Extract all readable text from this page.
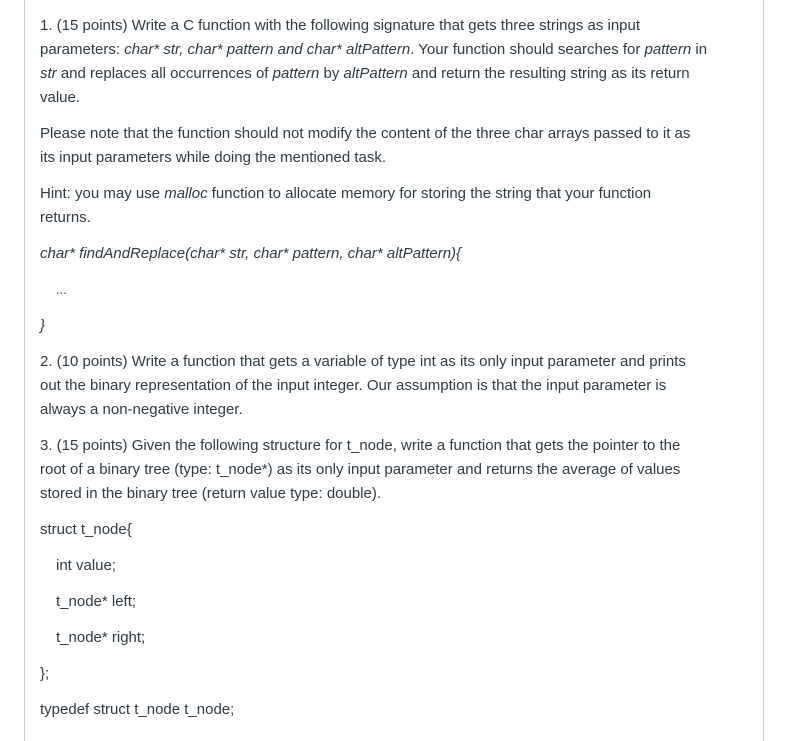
1. (15 points) Write a C function with the following signature that gets three strings as input
parameters: char* str, char* pattern and char* altPattern. Your function should searches for pattern in
str and replaces all occurrences of pattern by altPattern and return the resulting string as its return
value.
Please note that the function should not modify the content of the three char arrays passed to it as
its input parameters while doing the mentioned task.
Hint: you may use malloc function to allocate memory for storing the string that your function
returns.
char* findAndReplace(char* str, char* pattern, char* altPattern){
...
}
2. (10 points) Write a function that gets a variable of type int as its only input parameter and prints
out the binary representation of the input integer. Our assumption is that the input parameter is
always a non-negative integer.
3. (15 points) Given the following structure for t_node, write a function that gets the pointer to the
root of a binary tree (type: t_node*) as its only input parameter and returns the average of values
stored in the binary tree (return value type: double).
struct t_node{
int value;
t_node* left;
t_node* right;
};
typedef struct t_node t_node;
